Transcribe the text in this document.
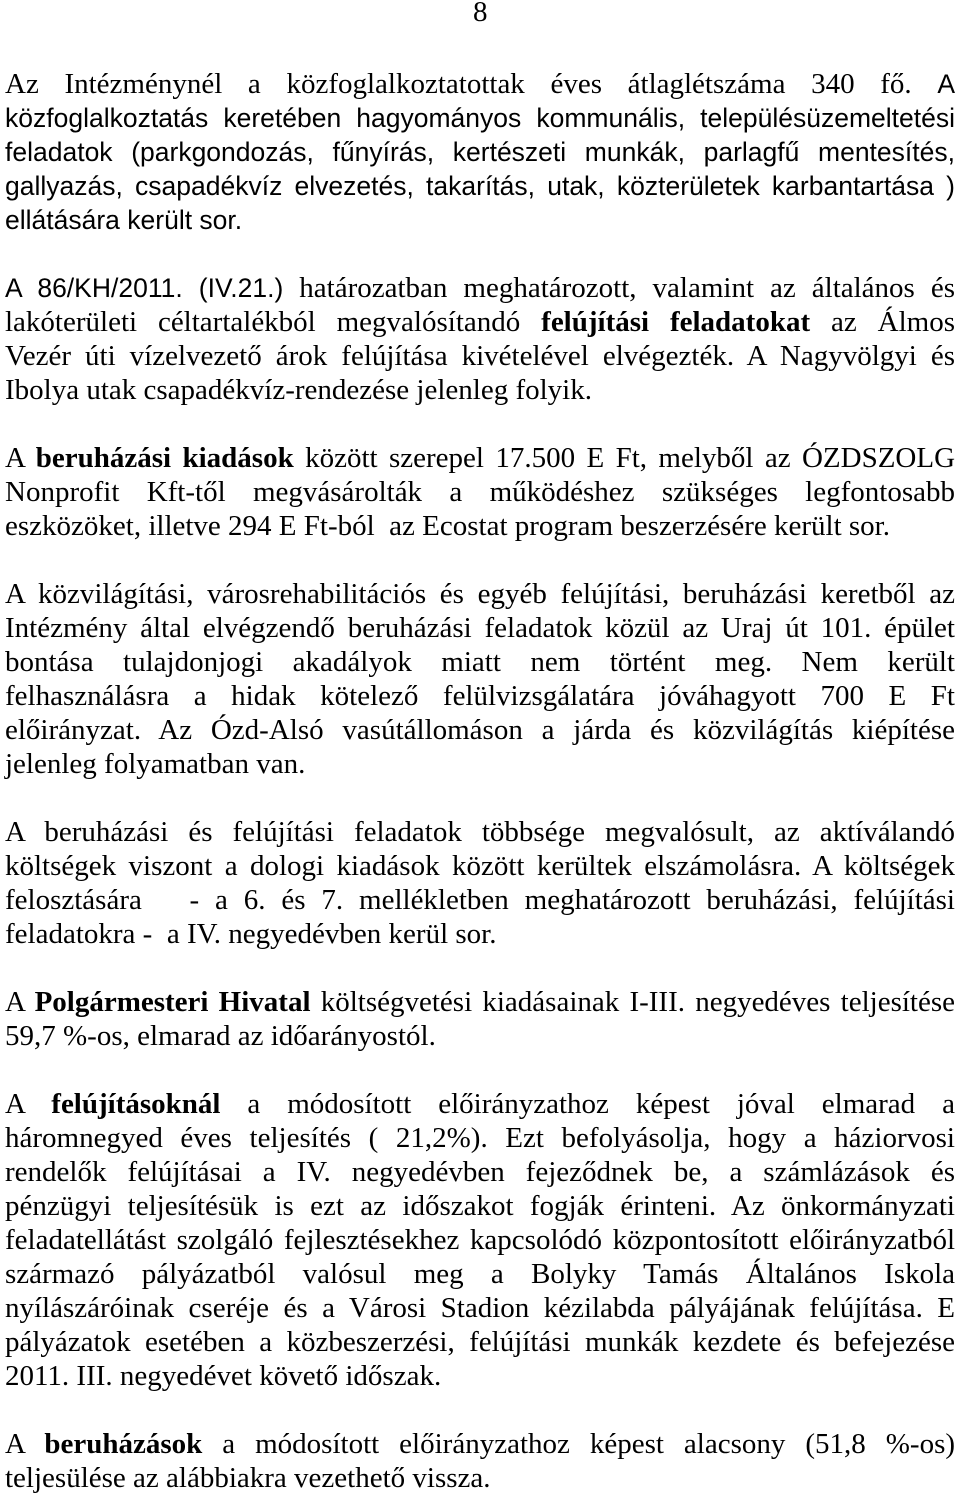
8
Az Intézménynél a közfoglalkoztatottak éves átlaglétszáma 340 fő. A
közfoglalkoztatás keretében hagyományos kommunális, településüzemeltetési
feladatok (parkgondozás, fűnyírás, kertészeti munkák, parlagfű mentesítés,
gallyazás, csapadékvíz elvezetés, takarítás, utak, közterületek karbantartása )
ellátására került sor.
A 86/KH/2011. (IV.21.) határozatban meghatározott, valamint az általános és
lakóterületi céltartalékból megvalósítandó felújítási feladatokat az Álmos
Vezér úti vízelvezető árok felújítása kivételével elvégezték. A Nagyvölgyi és
Ibolya utak csapadékvíz-rendezése jelenleg folyik.
A beruházási kiadások között szerepel 17.500 E Ft, melyből az ÓZDSZOLG
Nonprofit Kft-től megvásárolták a működéshez szükséges legfontosabb
eszközöket, illetve 294 E Ft-ból  az Ecostat program beszerzésére került sor.
A közvilágítási, városrehabilitációs és egyéb felújítási, beruházási keretből az
Intézmény által elvégzendő beruházási feladatok közül az Uraj út 101. épület
bontása tulajdonjogi akadályok miatt nem történt meg. Nem került
felhasználásra a hidak kötelező felülvizsgálatára jóváhagyott 700 E Ft
előirányzat. Az Ózd-Alsó vasútállomáson a járda és közvilágítás kiépítése
jelenleg folyamatban van.
A beruházási és felújítási feladatok többsége megvalósult, az aktíválandó
költségek viszont a dologi kiadások között kerültek elszámolásra. A költségek
felosztására   - a 6. és 7. mellékletben meghatározott beruházási, felújítási
feladatokra -  a IV. negyedévben kerül sor.
A Polgármesteri Hivatal költségvetési kiadásainak I-III. negyedéves teljesítése
59,7 %-os, elmarad az időarányostól.
A felújításoknál a módosított előirányzathoz képest jóval elmarad a
háromnegyed éves teljesítés ( 21,2%). Ezt befolyásolja, hogy a háziorvosi
rendelők felújításai a IV. negyedévben fejeződnek be, a számlázások és
pénzügyi teljesítésük is ezt az időszakot fogják érinteni. Az önkormányzati
feladatellátást szolgáló fejlesztésekhez kapcsolódó központosított előirányzatból
származó pályázatból valósul meg a Bolyky Tamás Általános Iskola
nyílászáróinak cseréje és a Városi Stadion kézilabda pályájának felújítása. E
pályázatok esetében a közbeszerzési, felújítási munkák kezdete és befejezése
2011. III. negyedévet követő időszak.
A beruházások a módosított előirányzathoz képest alacsony (51,8 %-os)
teljesülése az alábbiakra vezethető vissza.
